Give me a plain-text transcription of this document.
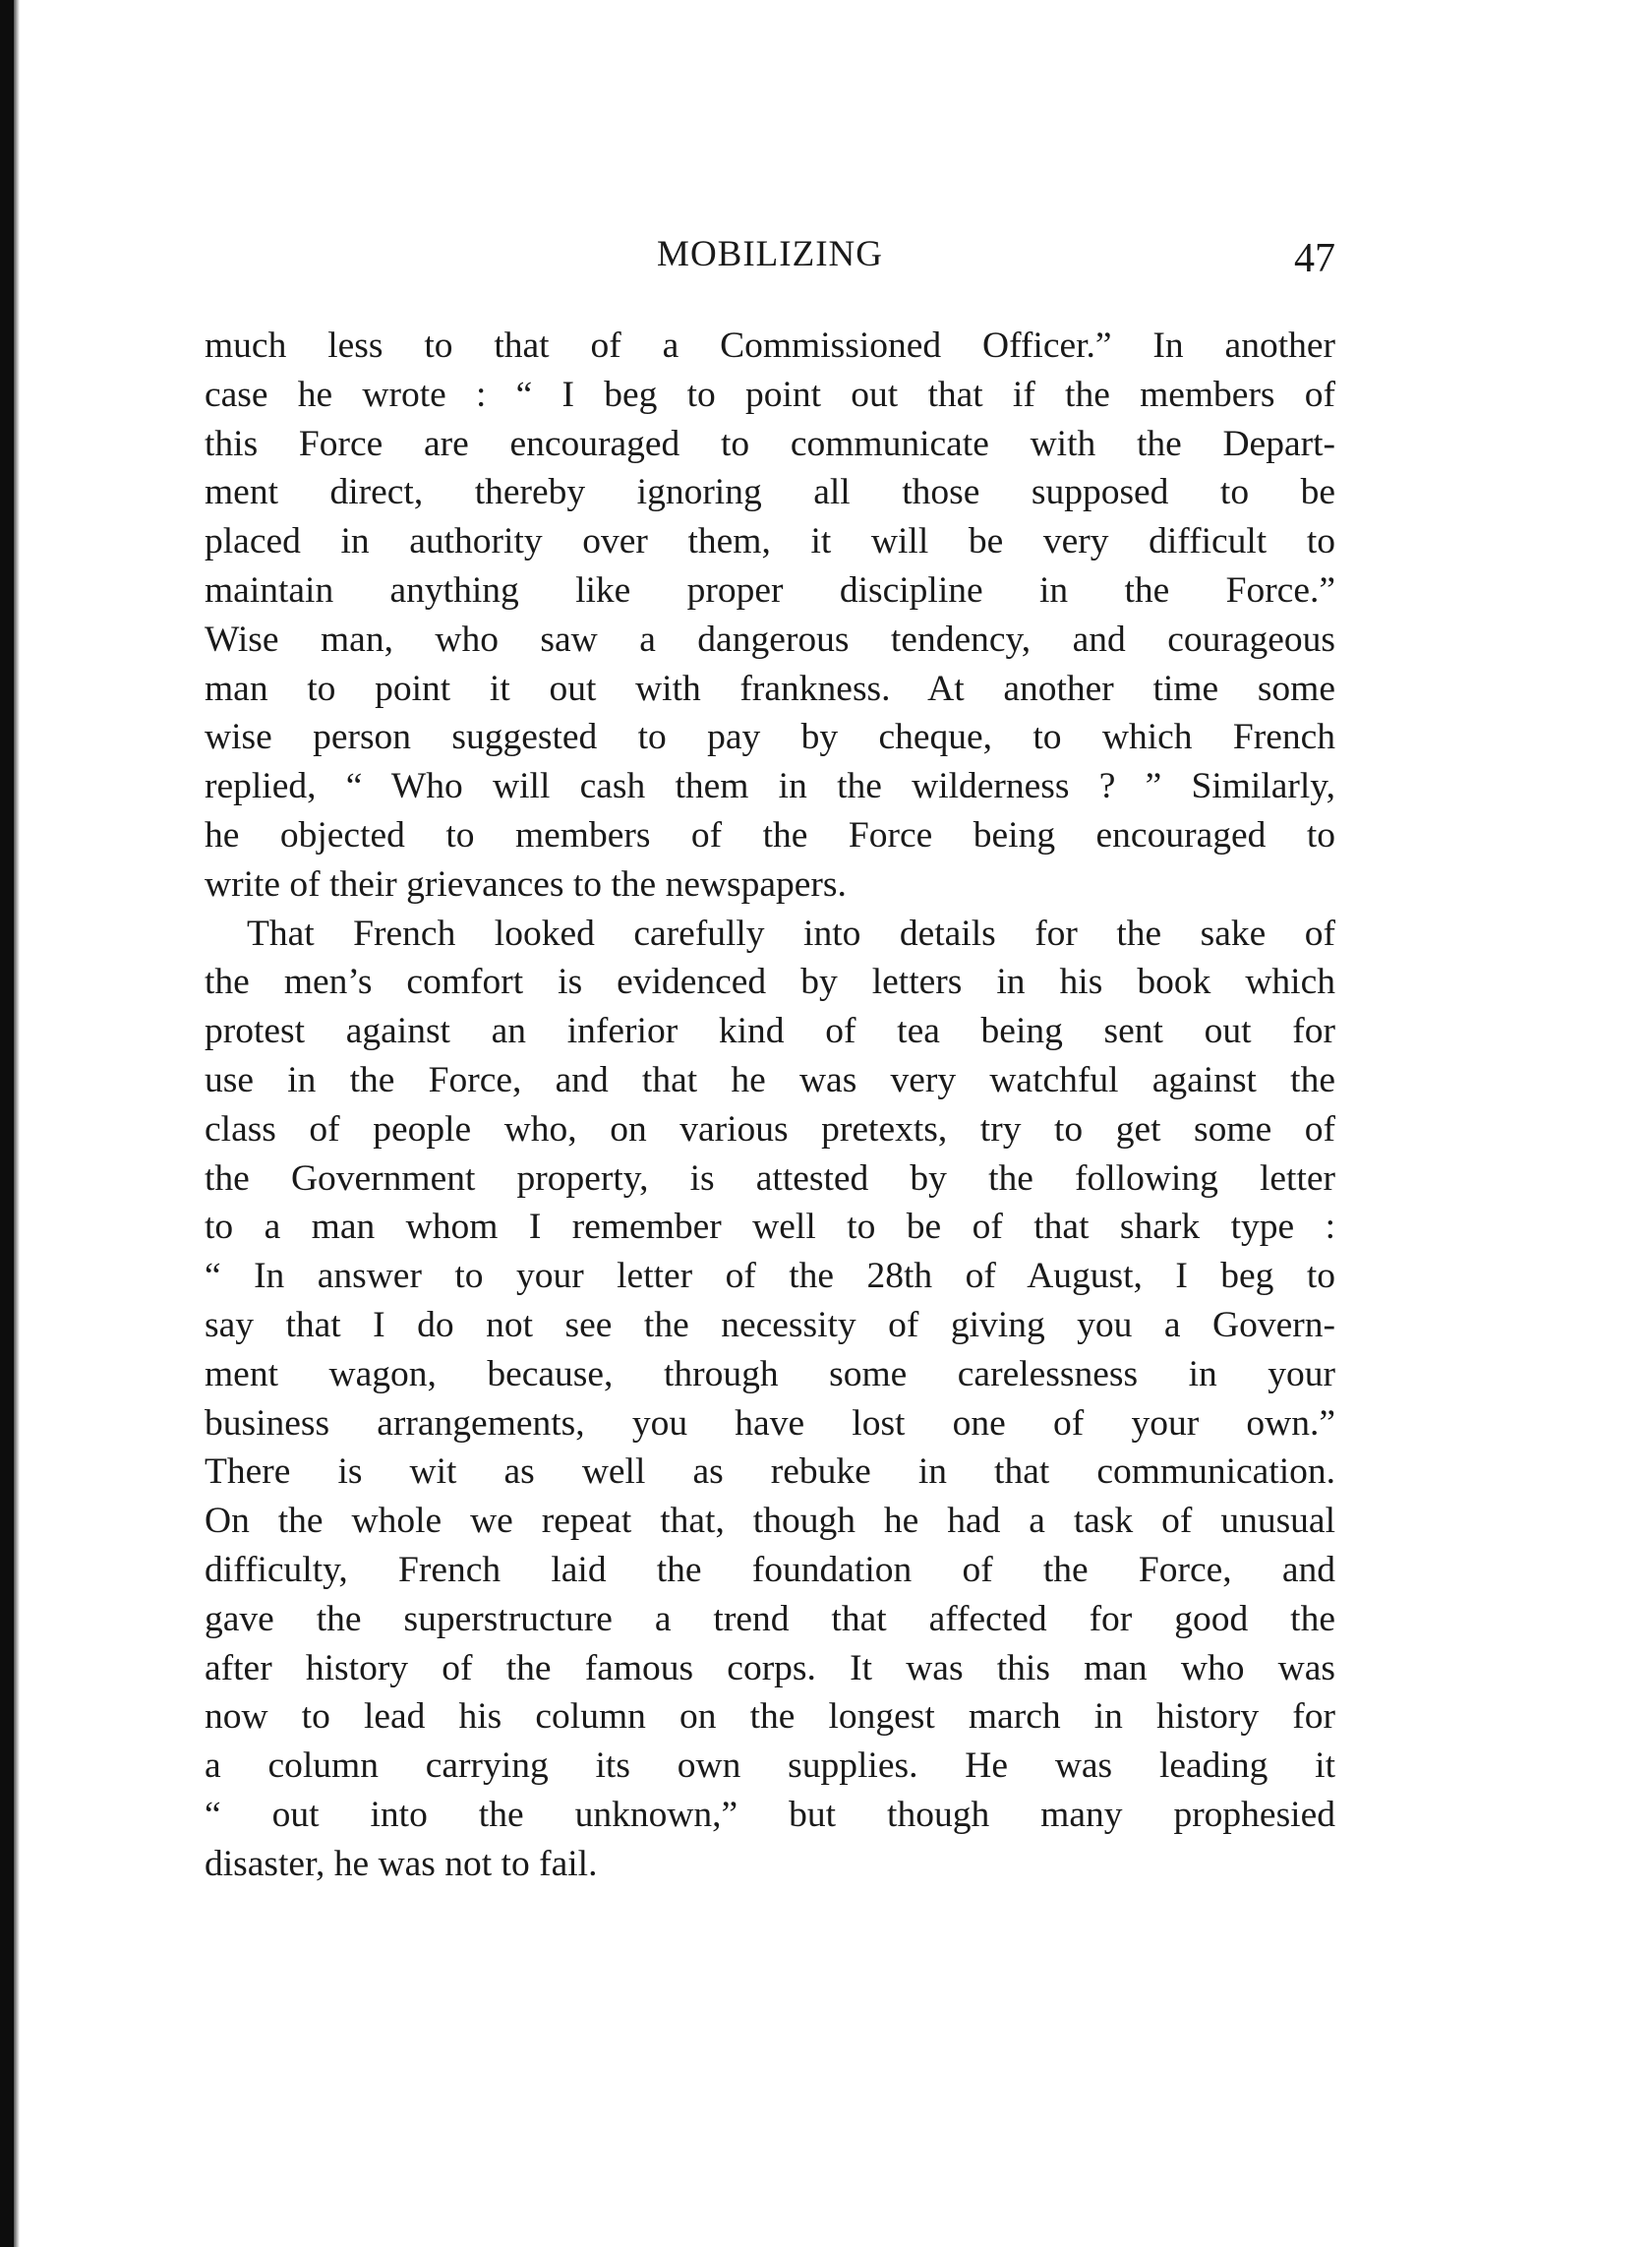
MOBILIZING	47
much less to that of a Commissioned Officer.” In another
case he wrote : “ I beg to point out that if the members of
this Force are encouraged to communicate with the Depart-
ment direct, thereby ignoring all those supposed to be
placed in authority over them, it will be very difficult to
maintain anything like proper discipline in the Force.”
Wise man, who saw a dangerous tendency, and courageous
man to point it out with frankness. At another time some
wise person suggested to pay by cheque, to which French
replied, “ Who will cash them in the wilderness ? ” Similarly,
he objected to members of the Force being encouraged to
write of their grievances to the newspapers.
That French looked carefully into details for the sake of
the men’s comfort is evidenced by letters in his book which
protest against an inferior kind of tea being sent out for
use in the Force, and that he was very watchful against the
class of people who, on various pretexts, try to get some of
the Government property, is attested by the following letter
to a man whom I remember well to be of that shark type :
“ In answer to your letter of the 28th of August, I beg to
say that I do not see the necessity of giving you a Govern-
ment wagon, because, through some carelessness in your
business arrangements, you have lost one of your own.”
There is wit as well as rebuke in that communication.
On the whole we repeat that, though he had a task of unusual
difficulty, French laid the foundation of the Force, and
gave the superstructure a trend that affected for good the
after history of the famous corps. It was this man who was
now to lead his column on the longest march in history for
a column carrying its own supplies. He was leading it
“ out into the unknown,” but though many prophesied
disaster, he was not to fail.
